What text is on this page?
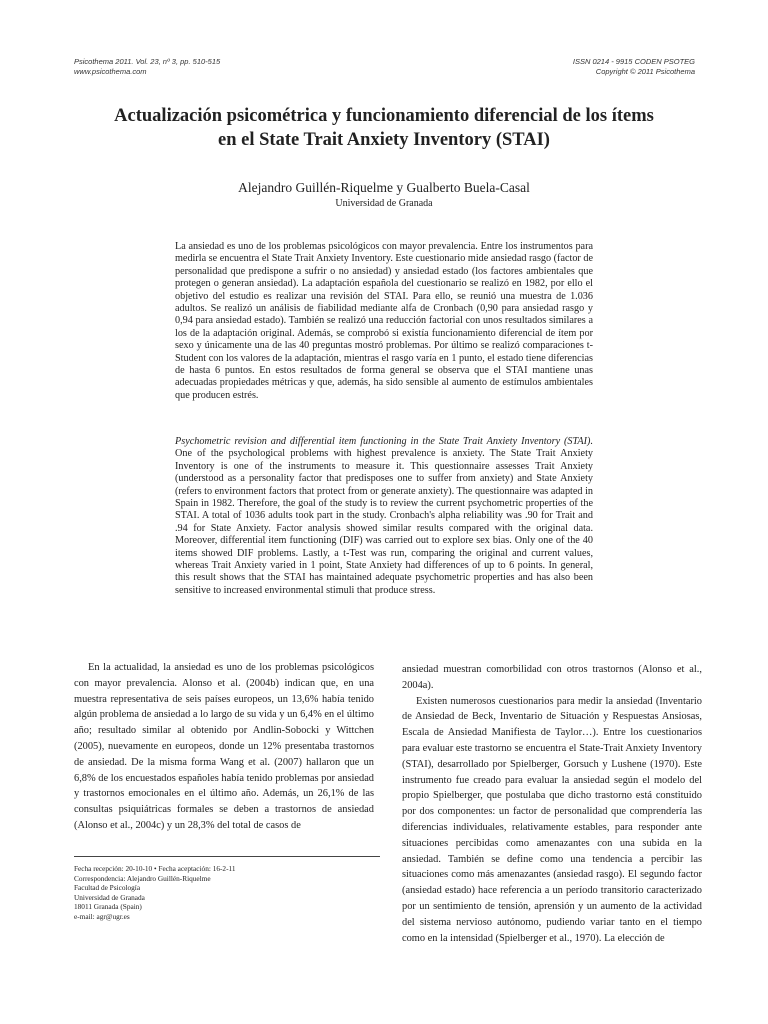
Psicothema 2011. Vol. 23, nº 3, pp. 510-515
www.psicothema.com
ISSN 0214 - 9915 CODEN PSOTEG
Copyright © 2011 Psicothema
Actualización psicométrica y funcionamiento diferencial de los ítems
en el State Trait Anxiety Inventory (STAI)
Alejandro Guillén-Riquelme y Gualberto Buela-Casal
Universidad de Granada

La ansiedad es uno de los problemas psicológicos con mayor prevalencia. Entre los instrumentos para medirla se encuentra el State Trait Anxiety Inventory. Este cuestionario mide ansiedad rasgo (factor de personalidad que predispone a sufrir o no ansiedad) y ansiedad estado (los factores ambientales que protegen o generan ansiedad). La adaptación española del cuestionario se realizó en 1982, por ello el objetivo del estudio es realizar una revisión del STAI. Para ello, se reunió una muestra de 1.036 adultos. Se realizó un análisis de fiabilidad mediante alfa de Cronbach (0,90 para ansiedad rasgo y 0,94 para ansiedad estado). También se realizó una reducción factorial con unos resultados similares a los de la adaptación original. Además, se comprobó si existía funcionamiento diferencial de ítem por sexo y únicamente una de las 40 preguntas mostró problemas. Por último se realizó comparaciones t-Student con los valores de la adaptación, mientras el rasgo varía en 1 punto, el estado tiene diferencias de hasta 6 puntos. En estos resultados de forma general se observa que el STAI mantiene unas adecuadas propiedades métricas y que, además, ha sido sensible al aumento de estímulos ambientales que producen estrés.

Psychometric revision and differential item functioning in the State Trait Anxiety Inventory (STAI). One of the psychological problems with highest prevalence is anxiety. The State Trait Anxiety Inventory is one of the instruments to measure it. This questionnaire assesses Trait Anxiety (understood as a personality factor that predisposes one to suffer from anxiety) and State Anxiety (refers to environment factors that protect from or generate anxiety). The questionnaire was adapted in Spain in 1982. Therefore, the goal of the study is to review the current psychometric properties of the STAI. A total of 1036 adults took part in the study. Cronbach's alpha reliability was .90 for Trait and .94 for State Anxiety. Factor analysis showed similar results compared with the original data. Moreover, differential item functioning (DIF) was carried out to explore sex bias. Only one of the 40 items showed DIF problems. Lastly, a t-Test was run, comparing the original and current values, whereas Trait Anxiety varied in 1 point, State Anxiety had differences of up to 6 points. In general, this result shows that the STAI has maintained adequate psychometric properties and has also been sensitive to increased environmental stimuli that produce stress.

En la actualidad, la ansiedad es uno de los problemas psicológicos con mayor prevalencia. Alonso et al. (2004b) indican que, en una muestra representativa de seis países europeos, un 13,6% había tenido algún problema de ansiedad a lo largo de su vida y un 6,4% en el último año; resultado similar al obtenido por Andlin-Sobocki y Wittchen (2005), nuevamente en europeos, donde un 12% presentaba trastornos de ansiedad. De la misma forma Wang et al. (2007) hallaron que un 6,8% de los encuestados españoles había tenido problemas por ansiedad y trastornos emocionales en el último año. Además, un 26,1% de las consultas psiquiátricas formales se deben a trastornos de ansiedad (Alonso et al., 2004c) y un 28,3% del total de casos de

ansiedad muestran comorbilidad con otros trastornos (Alonso et al., 2004a).

Existen numerosos cuestionarios para medir la ansiedad (Inventario de Ansiedad de Beck, Inventario de Situación y Respuestas Ansiosas, Escala de Ansiedad Manifiesta de Taylor…). Entre los cuestionarios para evaluar este trastorno se encuentra el State-Trait Anxiety Inventory (STAI), desarrollado por Spielberger, Gorsuch y Lushene (1970). Este instrumento fue creado para evaluar la ansiedad según el modelo del propio Spielberger, que postulaba que dicho trastorno está constituido por dos componentes: un factor de personalidad que comprendería las diferencias individuales, relativamente estables, para responder ante situaciones percibidas como amenazantes con una subida en la ansiedad. También se define como una tendencia a percibir las situaciones como más amenazantes (ansiedad rasgo). El segundo factor (ansiedad estado) hace referencia a un período transitorio caracterizado por un sentimiento de tensión, aprensión y un aumento de la actividad del sistema nervioso autónomo, pudiendo variar tanto en el tiempo como en la intensidad (Spielberger et al., 1970). La elección de

Fecha recepción: 20-10-10 • Fecha aceptación: 16-2-11
Correspondencia: Alejandro Guillén-Riquelme
Facultad de Psicología
Universidad de Granada
18011 Granada (Spain)
e-mail: agr@ugr.es
